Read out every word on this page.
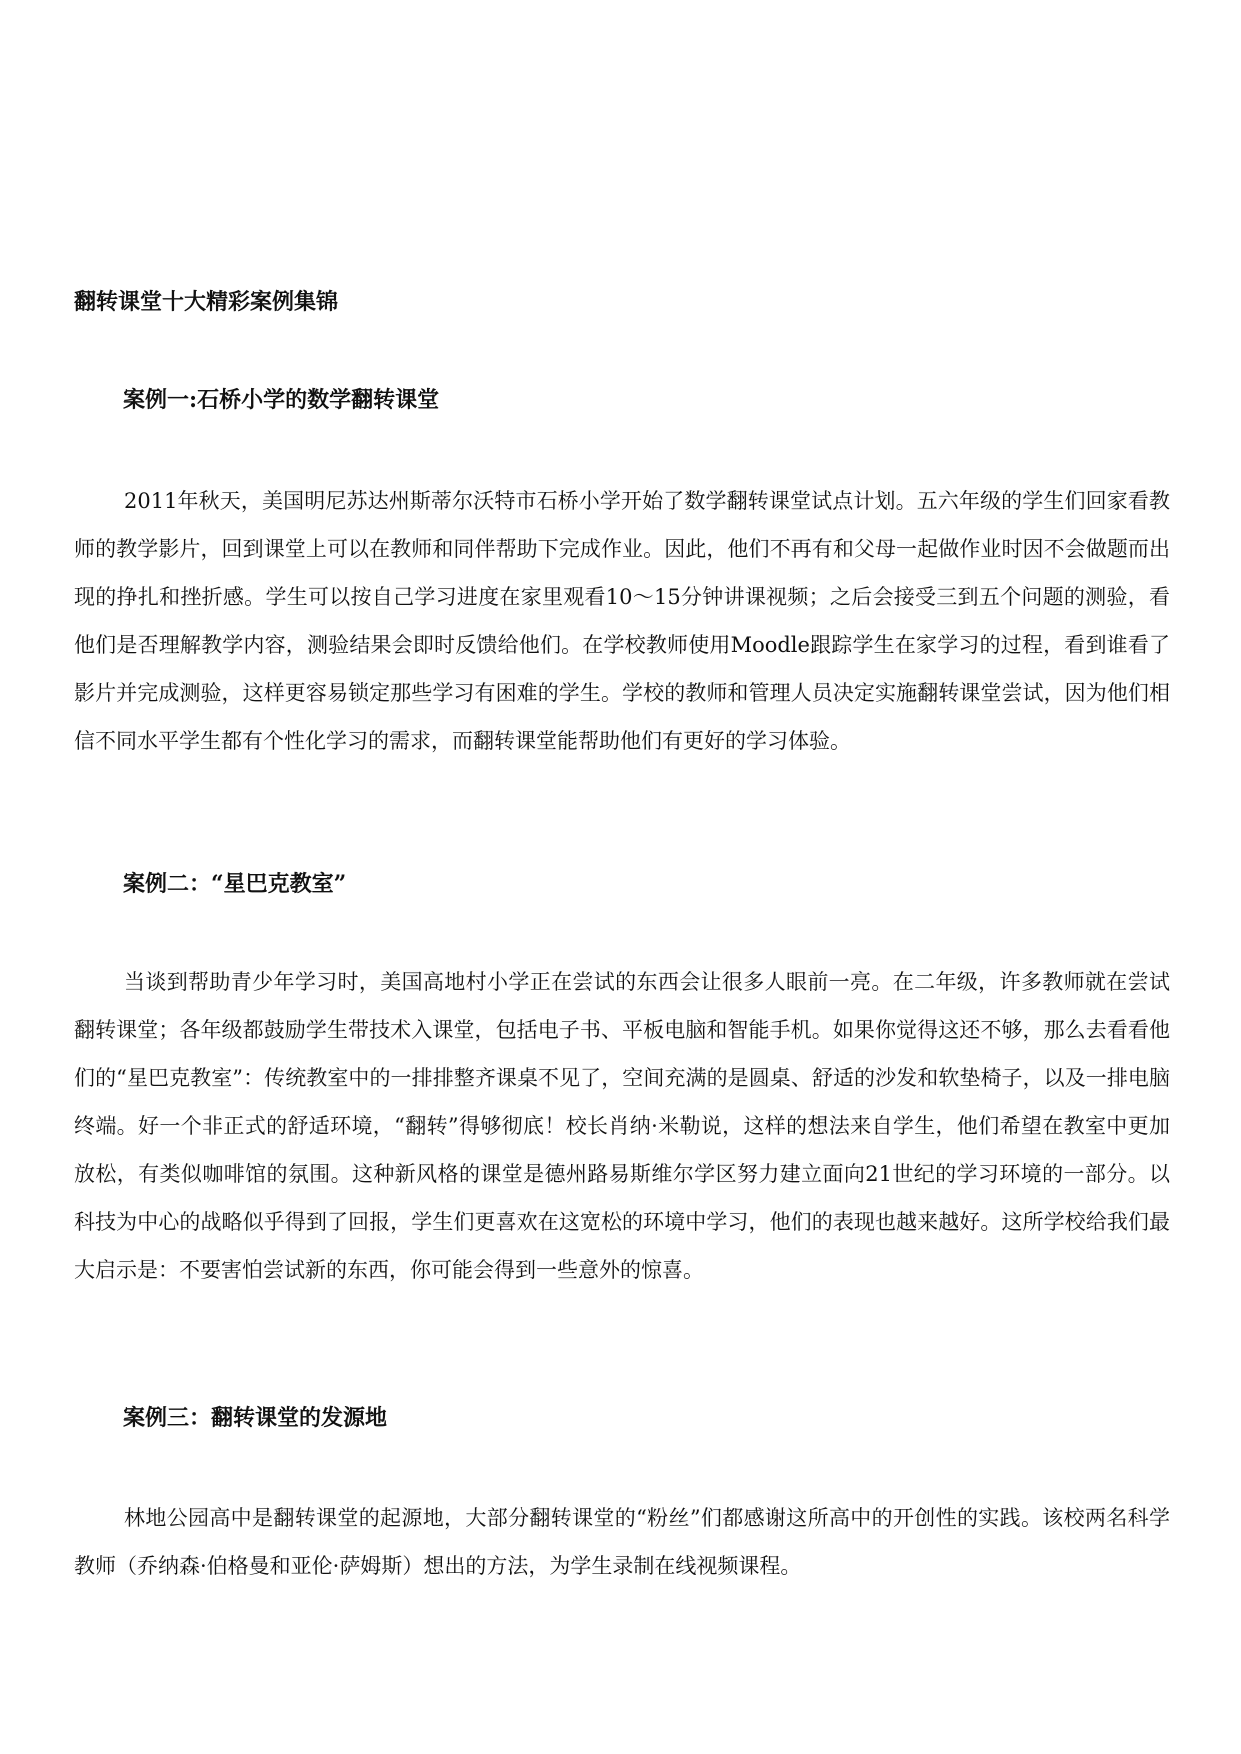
翻转课堂十大精彩案例集锦
案例一:石桥小学的数学翻转课堂

2011年秋天，美国明尼苏达州斯蒂尔沃特市石桥小学开始了数学翻转课堂试点计划。五六年级的学生们回家看教师的教学影片，回到课堂上可以在教师和同伴帮助下完成作业。因此，他们不再有和父母一起做作业时因不会做题而出现的挣扎和挫折感。学生可以按自己学习进度在家里观看10～15分钟讲课视频；之后会接受三到五个问题的测验，看他们是否理解教学内容，测验结果会即时反馈给他们。在学校教师使用Moodle跟踪学生在家学习的过程，看到谁看了影片并完成测验，这样更容易锁定那些学习有困难的学生。学校的教师和管理人员决定实施翻转课堂尝试，因为他们相信不同水平学生都有个性化学习的需求，而翻转课堂能帮助他们有更好的学习体验。

案例二：“星巴克教室”

当谈到帮助青少年学习时，美国高地村小学正在尝试的东西会让很多人眼前一亮。在二年级，许多教师就在尝试翻转课堂；各年级都鼓励学生带技术入课堂，包括电子书、平板电脑和智能手机。如果你觉得这还不够，那么去看看他们的“星巴克教室”：传统教室中的一排排整齐课桌不见了，空间充满的是圆桌、舒适的沙发和软垫椅子，以及一排电脑终端。好一个非正式的舒适环境，“翻转”得够彻底！校长肖纳·米勒说，这样的想法来自学生，他们希望在教室中更加放松，有类似咖啡馆的氛围。这种新风格的课堂是德州路易斯维尔学区努力建立面向21世纪的学习环境的一部分。以科技为中心的战略似乎得到了回报，学生们更喜欢在这宽松的环境中学习，他们的表现也越来越好。这所学校给我们最大启示是：不要害怕尝试新的东西，你可能会得到一些意外的惊喜。

案例三：翻转课堂的发源地

林地公园高中是翻转课堂的起源地，大部分翻转课堂的“粉丝”们都感谢这所高中的开创性的实践。该校两名科学教师（乔纳森·伯格曼和亚伦·萨姆斯）想出的方法，为学生录制在线视频课程。
